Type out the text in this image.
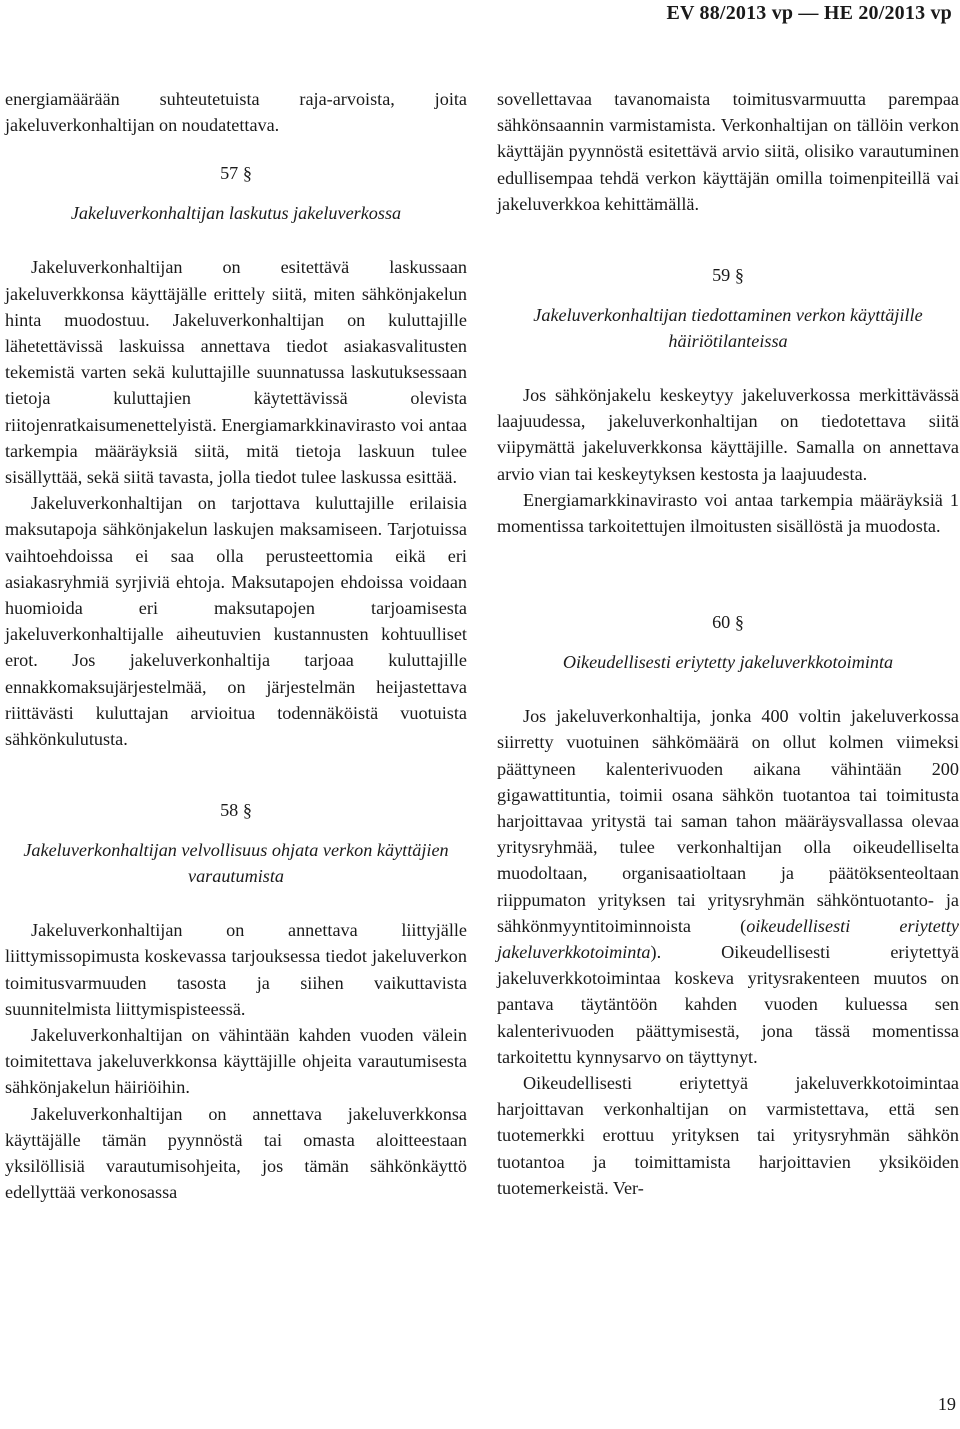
EV 88/2013 vp — HE 20/2013 vp

energiamäärään suhteutetuista raja-arvoista, joita jakeluverkonhaltijan on noudatettava.

57 §
Jakeluverkonhaltijan laskutus jakeluverkossa

Jakeluverkonhaltijan on esitettävä laskussaan jakeluverkkonsa käyttäjälle erittely siitä, miten sähkönjakelun hinta muodostuu. Jakeluverkonhaltijan on kuluttajille lähetettävissä laskuissa annettava tiedot asiakasvalitusten tekemistä varten sekä kuluttajille suunnatussa laskutuksessaan tietoja kuluttajien käytettävissä olevista riitojenratkaisumenettelyistä. Energiamarkkinavirasto voi antaa tarkempia määräyksiä siitä, mitä tietoja laskuun tulee sisällyttää, sekä siitä tavasta, jolla tiedot tulee laskussa esittää.

Jakeluverkonhaltijan on tarjottava kuluttajille erilaisia maksutapoja sähkönjakelun laskujen maksamiseen. Tarjotuissa vaihtoehdoissa ei saa olla perusteettomia eikä eri asiakasryhmiä syrjiviä ehtoja. Maksutapojen ehdoissa voidaan huomioida eri maksutapojen tarjoamisesta jakeluverkonhaltijalle aiheutuvien kustannusten kohtuulliset erot. Jos jakeluverkonhaltija tarjoaa kuluttajille ennakkomaksujärjestelmää, on järjestelmän heijastettava riittävästi kuluttajan arvioitua todennäköistä vuotuista sähkönkulutusta.

58 §
Jakeluverkonhaltijan velvollisuus ohjata verkon käyttäjien varautumista

Jakeluverkonhaltijan on annettava liittyjälle liittymissopimusta koskevassa tarjouksessa tiedot jakeluverkon toimitusvarmuuden tasosta ja siihen vaikuttavista suunnitelmista liittymispisteessä.

Jakeluverkonhaltijan on vähintään kahden vuoden välein toimitettava jakeluverkkonsa käyttäjille ohjeita varautumisesta sähkönjakelun häiriöihin.

Jakeluverkonhaltijan on annettava jakeluverkkonsa käyttäjälle tämän pyynnöstä tai omasta aloitteestaan yksilöllisiä varautumisohjeita, jos tämän sähkönkäyttö edellyttää verkonosassa

sovellettavaa tavanomaista toimitusvarmuutta parempaa sähkönsaannin varmistamista. Verkonhaltijan on tällöin verkon käyttäjän pyynnöstä esitettävä arvio siitä, olisiko varautuminen edullisempaa tehdä verkon käyttäjän omilla toimenpiteillä vai jakeluverkkoa kehittämällä.

59 §
Jakeluverkonhaltijan tiedottaminen verkon käyttäjille häiriötilanteissa

Jos sähkönjakelu keskeytyy jakeluverkossa merkittävässä laajuudessa, jakeluverkonhaltijan on tiedotettava siitä viipymättä jakeluverkkonsa käyttäjille. Samalla on annettava arvio vian tai keskeytyksen kestosta ja laajuudesta.

Energiamarkkinavirasto voi antaa tarkempia määräyksiä 1 momentissa tarkoitettujen ilmoitusten sisällöstä ja muodosta.

60 §
Oikeudellisesti eriytetty jakeluverkkotoiminta

Jos jakeluverkonhaltija, jonka 400 voltin jakeluverkossa siirretty vuotuinen sähkömäärä on ollut kolmen viimeksi päättyneen kalenterivuoden aikana vähintään 200 gigawattituntia, toimii osana sähkön tuotantoa tai toimitusta harjoittavaa yritystä tai saman tahon määräysvallassa olevaa yritysryhmää, tulee verkonhaltijan olla oikeudelliselta muodoltaan, organisaatioltaan ja päätöksenteoltaan riippumaton yrityksen tai yritysryhmän sähköntuotanto- ja sähkönmyyntitoiminnoista (oikeudellisesti eriytetty jakeluverkkotoiminta). Oikeudellisesti eriytettyä jakeluverkkotoimintaa koskeva yritysrakenteen muutos on pantava täytäntöön kahden vuoden kuluessa sen kalenterivuoden päättymisestä, jona tässä momentissa tarkoitettu kynnysarvo on täyttynyt.

Oikeudellisesti eriytettyä jakeluverkkotoimintaa harjoittavan verkonhaltijan on varmistettava, että sen tuotemerkki erottuu yrityksen tai yritysryhmän sähkön tuotantoa ja toimittamista harjoittavien yksiköiden tuotemerkeistä. Ver-

19
